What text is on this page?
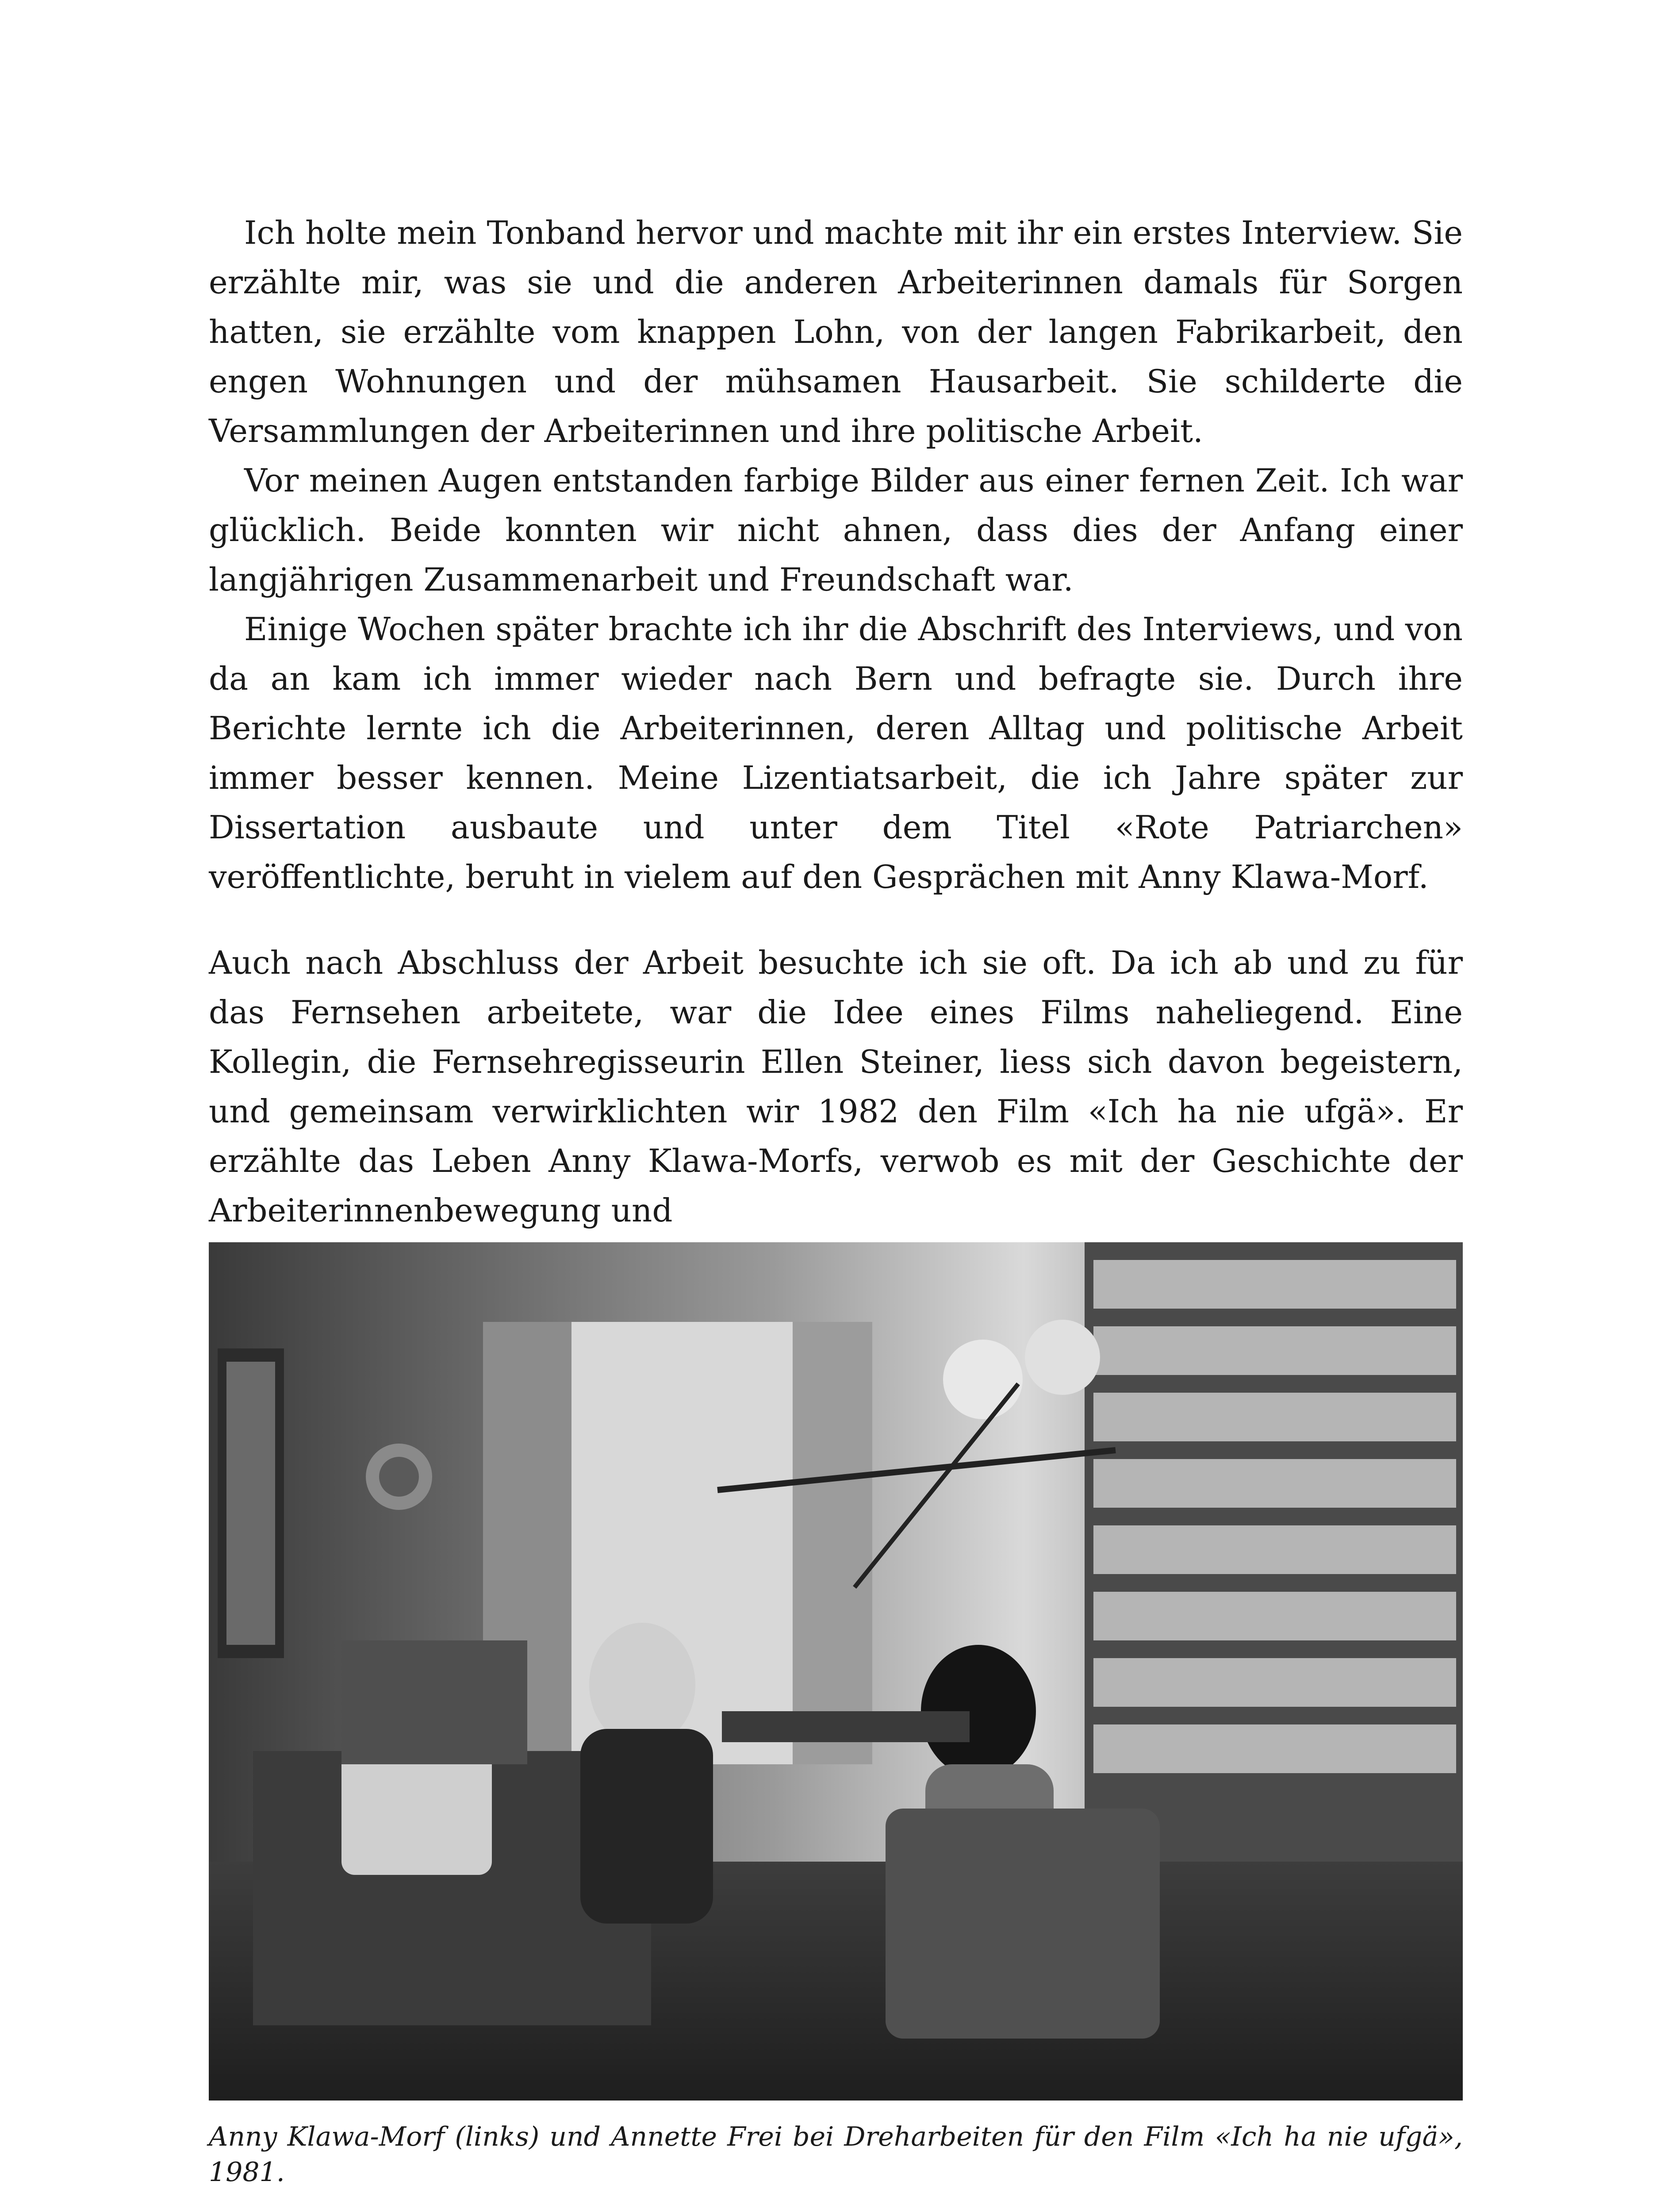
Ich holte mein Tonband hervor und machte mit ihr ein erstes Interview. Sie erzählte mir, was sie und die anderen Arbeiterinnen damals für Sorgen hatten, sie erzählte vom knappen Lohn, von der langen Fabrikarbeit, den engen Wohnungen und der mühsamen Hausarbeit. Sie schilderte die Versammlungen der Arbeiterinnen und ihre politische Arbeit.

Vor meinen Augen entstanden farbige Bilder aus einer fernen Zeit. Ich war glücklich. Beide konnten wir nicht ahnen, dass dies der Anfang einer langjährigen Zusammenarbeit und Freundschaft war.

Einige Wochen später brachte ich ihr die Abschrift des Interviews, und von da an kam ich immer wieder nach Bern und befragte sie. Durch ihre Berichte lernte ich die Arbeiterinnen, deren Alltag und politische Arbeit immer besser kennen. Meine Lizentiatsarbeit, die ich Jahre später zur Dissertation ausbaute und unter dem Titel «Rote Patriarchen» veröffentlichte, beruht in vielem auf den Gesprächen mit Anny Klawa-Morf.

Auch nach Abschluss der Arbeit besuchte ich sie oft. Da ich ab und zu für das Fernsehen arbeitete, war die Idee eines Films naheliegend. Eine Kollegin, die Fernsehregisseurin Ellen Steiner, liess sich davon begeistern, und gemeinsam verwirklichten wir 1982 den Film «Ich ha nie ufgä». Er erzählte das Leben Anny Klawa-Morfs, verwob es mit der Geschichte der Arbeiterinnenbewegung und

Anny Klawa-Morf (links) und Annette Frei bei Dreharbeiten für den Film «Ich ha nie ufgä», 1981.
